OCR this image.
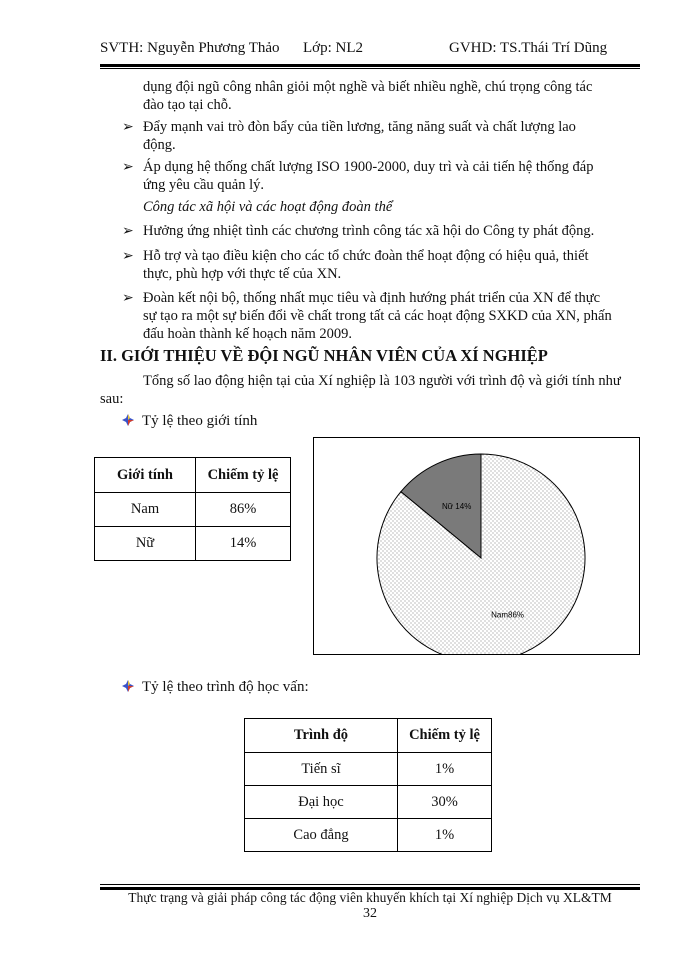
SVTH: Nguyễn Phương Thảo Lớp: NL2	GVHD: TS.Thái Trí Dũng
dụng đội ngũ công nhân giỏi một nghề và biết nhiều nghề, chú trọng công tác
đào tạo tại chỗ.
➢ Đẩy mạnh vai trò đòn bẩy của tiền lương, tăng năng suất và chất lượng lao
động.
➢ Áp dụng hệ thống chất lượng ISO 1900-2000, duy trì và cải tiến hệ thống đáp
ứng yêu cầu quản lý.
Công tác xã hội và các hoạt động đoàn thể
➢ Hưởng ứng nhiệt tình các chương trình công tác xã hội do Công ty phát động.
➢ Hỗ trợ và tạo điều kiện cho các tổ chức đoàn thể hoạt động có hiệu quả, thiết
thực, phù hợp với thực tế của XN.
➢ Đoàn kết nội bộ, thống nhất mục tiêu và định hướng phát triển của XN để thực
sự tạo ra một sự biến đổi về chất trong tất cả các hoạt động SXKD của XN, phấn
đấu hoàn thành kế hoạch năm 2009.
II. GIỚI THIỆU VỀ ĐỘI NGŨ NHÂN VIÊN CỦA XÍ NGHIỆP
Tổng số lao động hiện tại của Xí nghiệp là 103 người với trình độ và giới tính như
sau:
Tỷ lệ theo giới tính
Giới tính	Chiếm tỷ lệ
Nam	86%
Nữ	14%
Nữ 14%
Nam86%
Tỷ lệ theo trình độ học vấn:
Trình độ	Chiếm tỷ lệ
Tiến sĩ	1%
Đại học	30%
Cao đẳng	1%
Thực trạng và giải pháp công tác động viên khuyến khích tại Xí nghiệp Dịch vụ XL&TM
32
